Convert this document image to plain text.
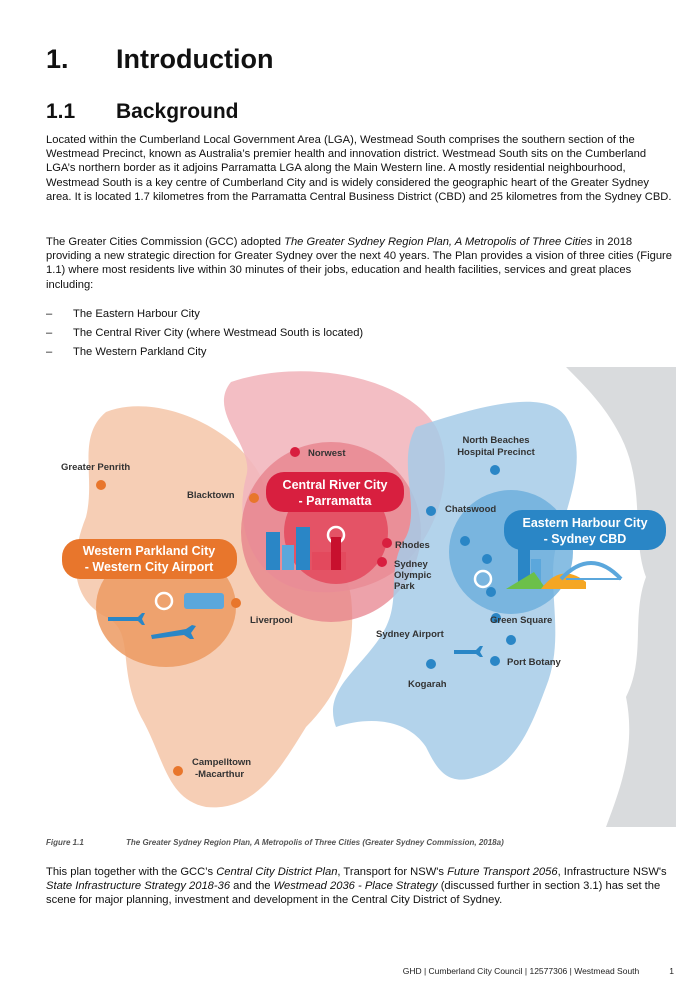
1.	Introduction
1.1	Background

Located within the Cumberland Local Government Area (LGA), Westmead South comprises the southern section of the Westmead Precinct, known as Australia’s premier health and innovation district. Westmead South sits on the Cumberland LGA’s northern border as it adjoins Parramatta LGA along the Main Western line. A mostly residential neighbourhood, Westmead South is a key centre of Cumberland City and is widely considered the geographic heart of the Greater Sydney area. It is located 1.7 kilometres from the Parramatta Central Business District (CBD) and 25 kilometres from the Sydney CBD.

The Greater Cities Commission (GCC) adopted The Greater Sydney Region Plan, A Metropolis of Three Cities in 2018 providing a new strategic direction for Greater Sydney over the next 40 years. The Plan provides a vision of three cities (Figure 1.1) where most residents live within 30 minutes of their jobs, education and health facilities, services and great places including:

–	The Eastern Harbour City
–	The Central River City (where Westmead South is located)
–	The Western Parkland City
Central River City
- Parramatta
Western Parkland City
- Western City Airport
Eastern Harbour City
- Sydney CBD
Norwest
Greater Penrith
Blacktown
North Beaches
Hospital Precinct
Chatswood
Rhodes
Sydney
Olympic
Park
Liverpool
Sydney Airport
Green Square
Port Botany
Kogarah
Campelltown
-Macarthur
Figure 1.1	The Greater Sydney Region Plan, A Metropolis of Three Cities (Greater Sydney Commission, 2018a)

This plan together with the GCC’s Central City District Plan, Transport for NSW's Future Transport 2056, Infrastructure NSW's State Infrastructure Strategy 2018-36 and the Westmead 2036 - Place Strategy (discussed further in section 3.1) has set the scene for major planning, investment and development in the Central City District of Sydney.

GHD | Cumberland City Council | 12577306 | Westmead South	1
